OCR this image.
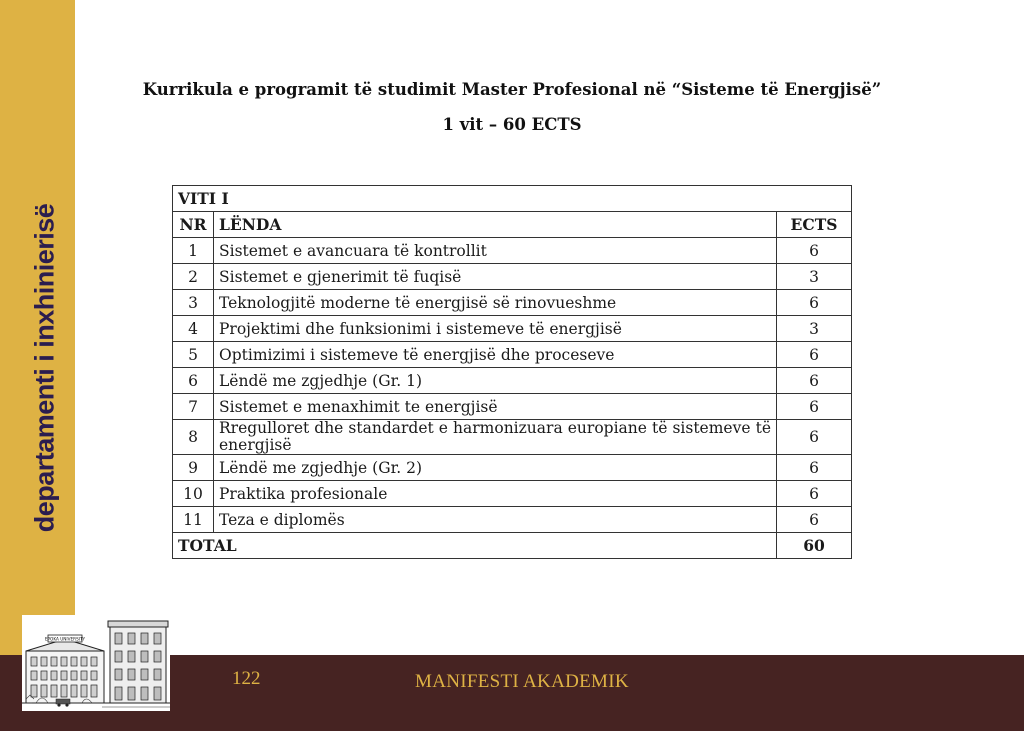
departamenti i inxhinierisë
Kurrikula e programit të studimit Master Profesional në “Sisteme të Energjisë”
1 vit – 60 ECTS
VITI I		
NR	LËNDA	ECTS
1	Sistemet e avancuara të kontrollit	6
2	Sistemet e gjenerimit të fuqisë	3
3	Teknologjitë moderne të energjisë së rinovueshme	6
4	Projektimi dhe funksionimi i sistemeve të energjisë	3
5	Optimizimi i sistemeve të energjisë dhe proceseve	6
6	Lëndë me zgjedhje (Gr. 1)	6
7	Sistemet e menaxhimit te energjisë	6
8	Rregulloret dhe standardet e harmonizuara europiane të sistemeve të energjisë	6
9	Lëndë me zgjedhje (Gr. 2)	6
10	Praktika profesionale	6
11	Teza e diplomës	6
TOTAL		60
122	MANIFESTI AKADEMIK
EPOKA UNIVERSITY
